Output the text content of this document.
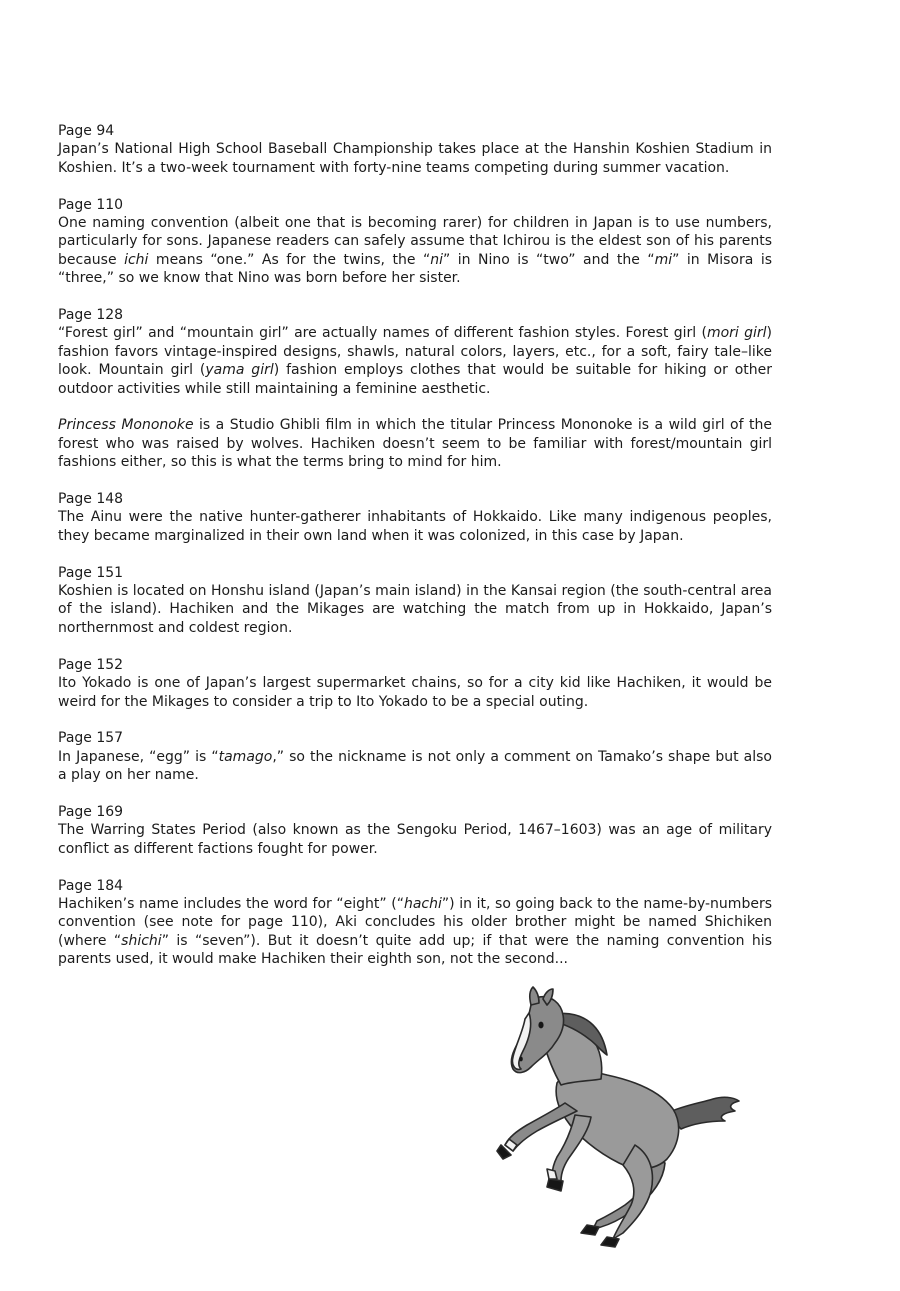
Page 94
Japan’s National High School Baseball Championship takes place at the Hanshin Koshien Stadium in Koshien. It’s a two-week tournament with forty-nine teams competing during summer vacation.
Page 110
One naming convention (albeit one that is becoming rarer) for children in Japan is to use numbers, particularly for sons. Japanese readers can safely assume that Ichirou is the eldest son of his parents because ichi means “one.” As for the twins, the “ni” in Nino is “two” and the “mi” in Misora is “three,” so we know that Nino was born before her sister.
Page 128
“Forest girl” and “mountain girl” are actually names of different fashion styles. Forest girl (mori girl) fashion favors vintage-inspired designs, shawls, natural colors, layers, etc., for a soft, fairy tale–like look. Mountain girl (yama girl) fashion employs clothes that would be suitable for hiking or other outdoor activities while still maintaining a feminine aesthetic.
Princess Mononoke is a Studio Ghibli film in which the titular Princess Mononoke is a wild girl of the forest who was raised by wolves. Hachiken doesn’t seem to be familiar with forest/mountain girl fashions either, so this is what the terms bring to mind for him.
Page 148
The Ainu were the native hunter-gatherer inhabitants of Hokkaido. Like many indigenous peoples, they became marginalized in their own land when it was colonized, in this case by Japan.
Page 151
Koshien is located on Honshu island (Japan’s main island) in the Kansai region (the south-central area of the island). Hachiken and the Mikages are watching the match from up in Hokkaido, Japan’s northernmost and coldest region.
Page 152
Ito Yokado is one of Japan’s largest supermarket chains, so for a city kid like Hachiken, it would be weird for the Mikages to consider a trip to Ito Yokado to be a special outing.
Page 157
In Japanese, “egg” is “tamago,” so the nickname is not only a comment on Tamako’s shape but also a play on her name.
Page 169
The Warring States Period (also known as the Sengoku Period, 1467–1603) was an age of military conflict as different factions fought for power.
Page 184
Hachiken’s name includes the word for “eight” (“hachi”) in it, so going back to the name-by-numbers convention (see note for page 110), Aki concludes his older brother might be named Shichiken (where “shichi” is “seven”). But it doesn’t quite add up; if that were the naming convention his parents used, it would make Hachiken their eighth son, not the second...
